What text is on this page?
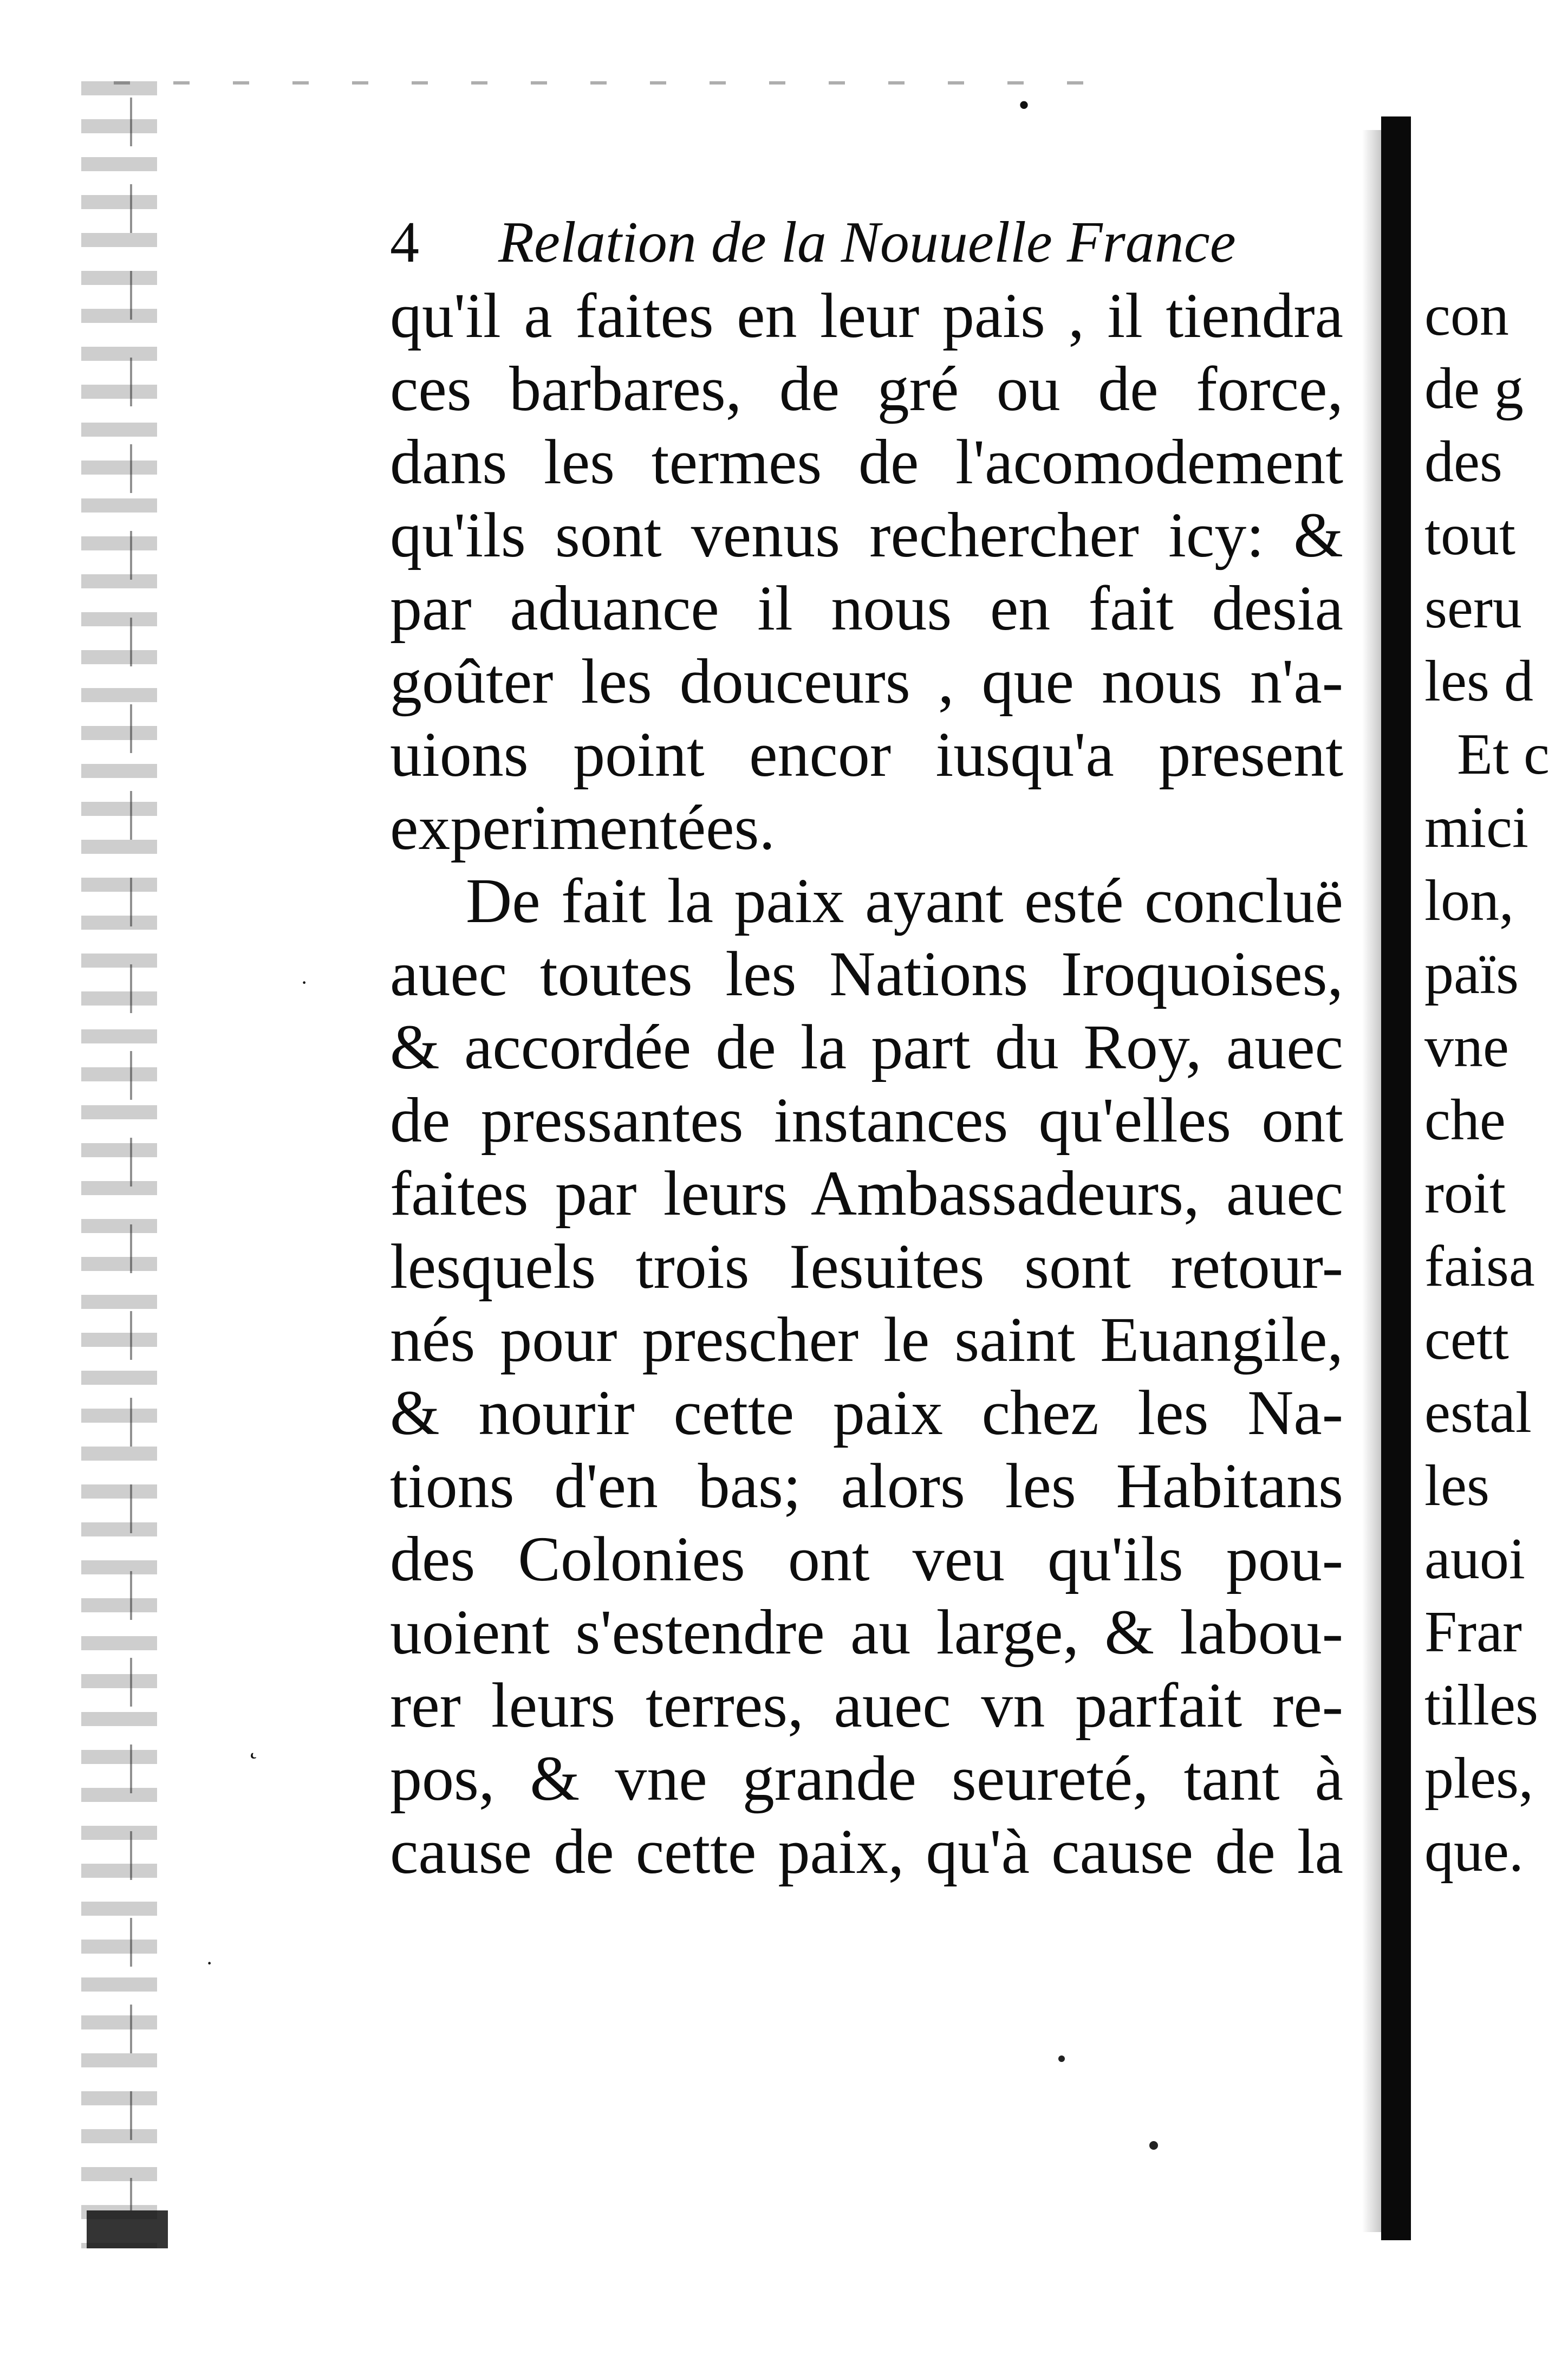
•
·
˛
·
4 Relation de la Nouuelle France
qu'il a faites en leur pais , il tiendra
ces barbares, de gré ou de force,
dans les termes de l'acomodement
qu'ils sont venus rechercher icy: &
par aduance il nous en fait desia
goûter les douceurs , que nous n'a-
uions point encor iusqu'a present
experimentées.
De fait la paix ayant esté concluë
auec toutes les Nations Iroquoises,
& accordée de la part du Roy, auec
de pressantes instances qu'elles ont
faites par leurs Ambassadeurs, auec
lesquels trois Iesuites sont retour-
nés pour prescher le saint Euangile,
& nourir cette paix chez les Na-
tions d'en bas; alors les Habitans
des Colonies ont veu qu'ils pou-
uoient s'estendre au large, & labou-
rer leurs terres, auec vn parfait re-
pos, & vne grande seureté, tant à
cause de cette paix, qu'à cause de la
con
de g
des
tout
seru
les d
Et c
mici
lon,
païs
vne
che
roit
faisa
cett
estal
les
auoi
Frar
tilles
ples,
que.
